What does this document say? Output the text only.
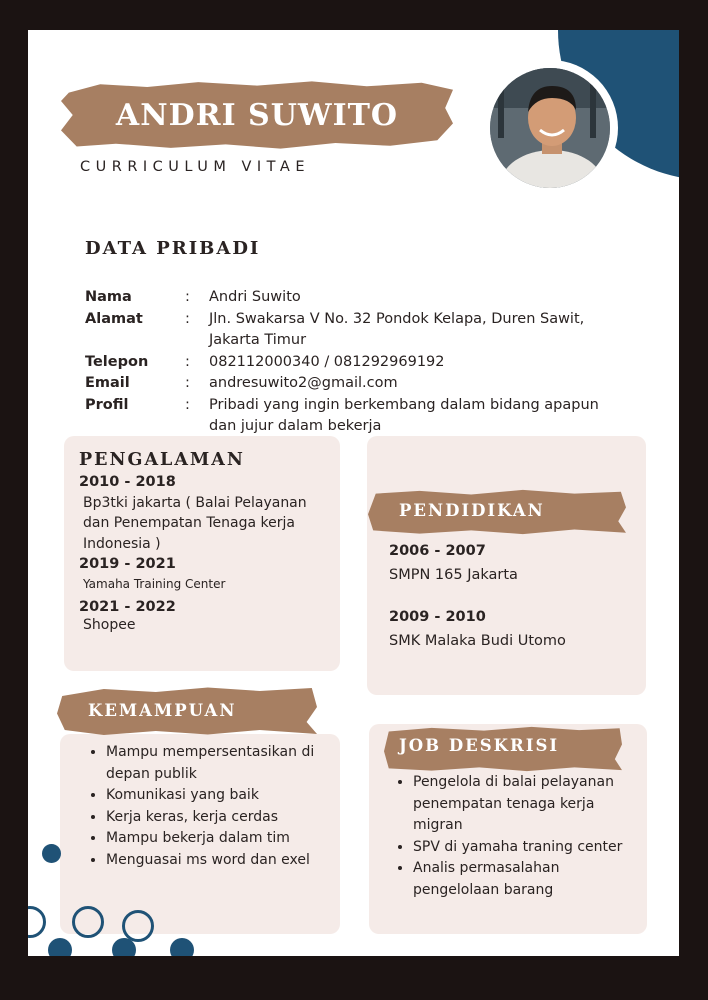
ANDRI SUWITO
CURRICULUM VITAE
DATA PRIBADI
Nama	:	Andri Suwito
Alamat	:	Jln. Swakarsa V No. 32 Pondok Kelapa, Duren Sawit, Jakarta Timur
Telepon	:	082112000340 / 081292969192
Email	:	andresuwito2@gmail.com
Profil	:	Pribadi yang ingin berkembang dalam bidang apapun dan jujur dalam bekerja
PENGALAMAN
2010 - 2018
Bp3tki jakarta ( Balai Pelayanan dan Penempatan Tenaga kerja Indonesia )
2019 - 2021
Yamaha Training Center
2021 - 2022
Shopee
PENDIDIKAN
2006 - 2007
SMPN 165 Jakarta
2009 - 2010
SMK Malaka Budi Utomo
KEMAMPUAN
• Mampu mempersentasikan di depan publik
• Komunikasi yang baik
• Kerja keras, kerja cerdas
• Mampu bekerja dalam tim
• Menguasai ms word dan exel
JOB DESKRISI
• Pengelola di balai pelayanan penempatan tenaga kerja migran
• SPV di yamaha traning center
• Analis permasalahan pengelolaan barang
